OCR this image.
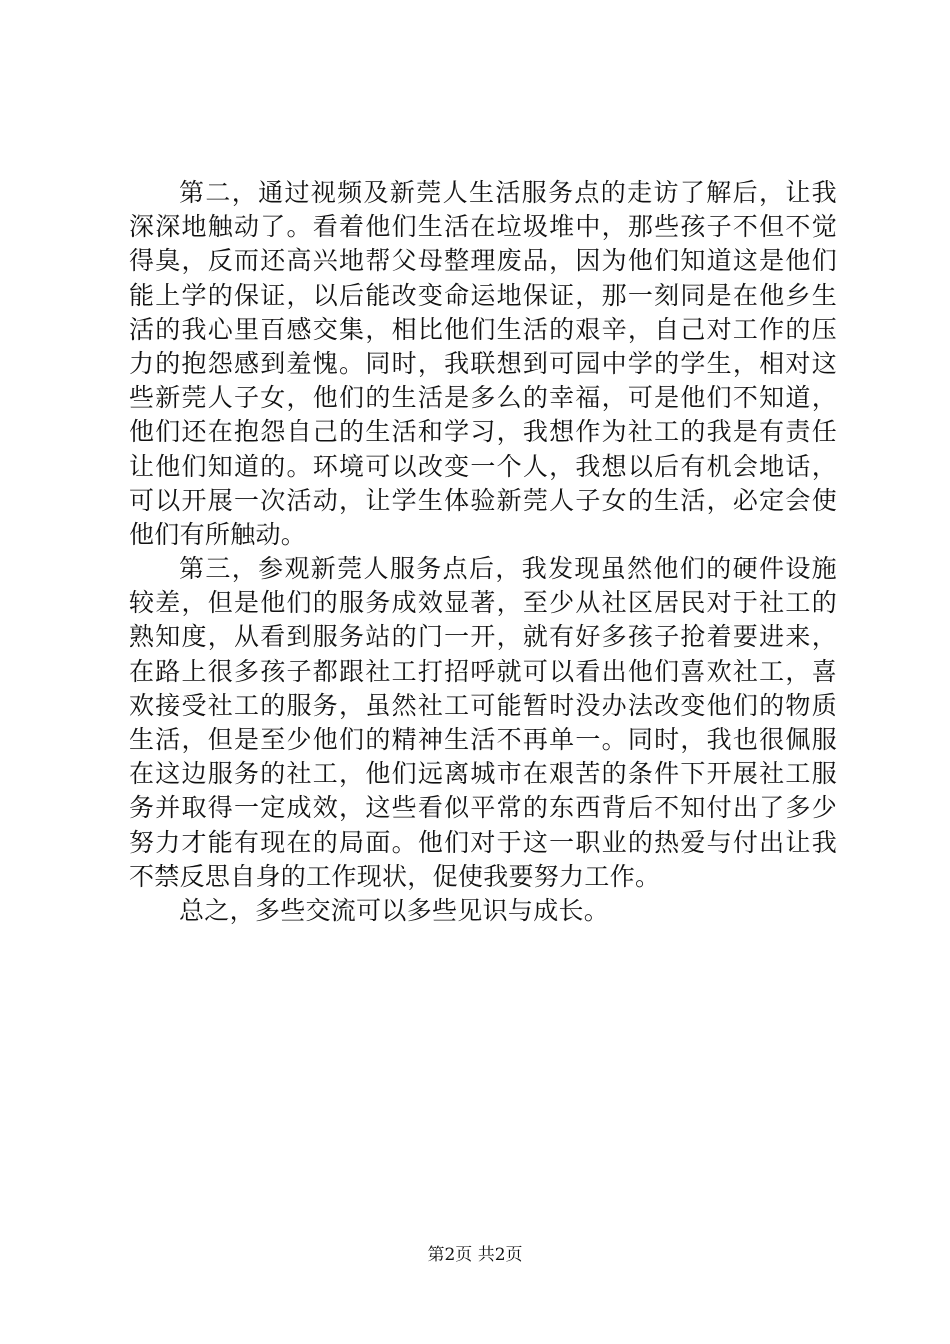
第二，通过视频及新莞人生活服务点的走访了解后，让我
深深地触动了。看着他们生活在垃圾堆中，那些孩子不但不觉
得臭，反而还高兴地帮父母整理废品，因为他们知道这是他们
能上学的保证，以后能改变命运地保证，那一刻同是在他乡生
活的我心里百感交集，相比他们生活的艰辛，自己对工作的压
力的抱怨感到羞愧。同时，我联想到可园中学的学生，相对这
些新莞人子女，他们的生活是多么的幸福，可是他们不知道，
他们还在抱怨自己的生活和学习，我想作为社工的我是有责任
让他们知道的。环境可以改变一个人，我想以后有机会地话，
可以开展一次活动，让学生体验新莞人子女的生活，必定会使
他们有所触动。
第三，参观新莞人服务点后，我发现虽然他们的硬件设施
较差，但是他们的服务成效显著，至少从社区居民对于社工的
熟知度，从看到服务站的门一开，就有好多孩子抢着要进来，
在路上很多孩子都跟社工打招呼就可以看出他们喜欢社工，喜
欢接受社工的服务，虽然社工可能暂时没办法改变他们的物质
生活，但是至少他们的精神生活不再单一。同时，我也很佩服
在这边服务的社工，他们远离城市在艰苦的条件下开展社工服
务并取得一定成效，这些看似平常的东西背后不知付出了多少
努力才能有现在的局面。他们对于这一职业的热爱与付出让我
不禁反思自身的工作现状，促使我要努力工作。
总之，多些交流可以多些见识与成长。
第2页 共2页
